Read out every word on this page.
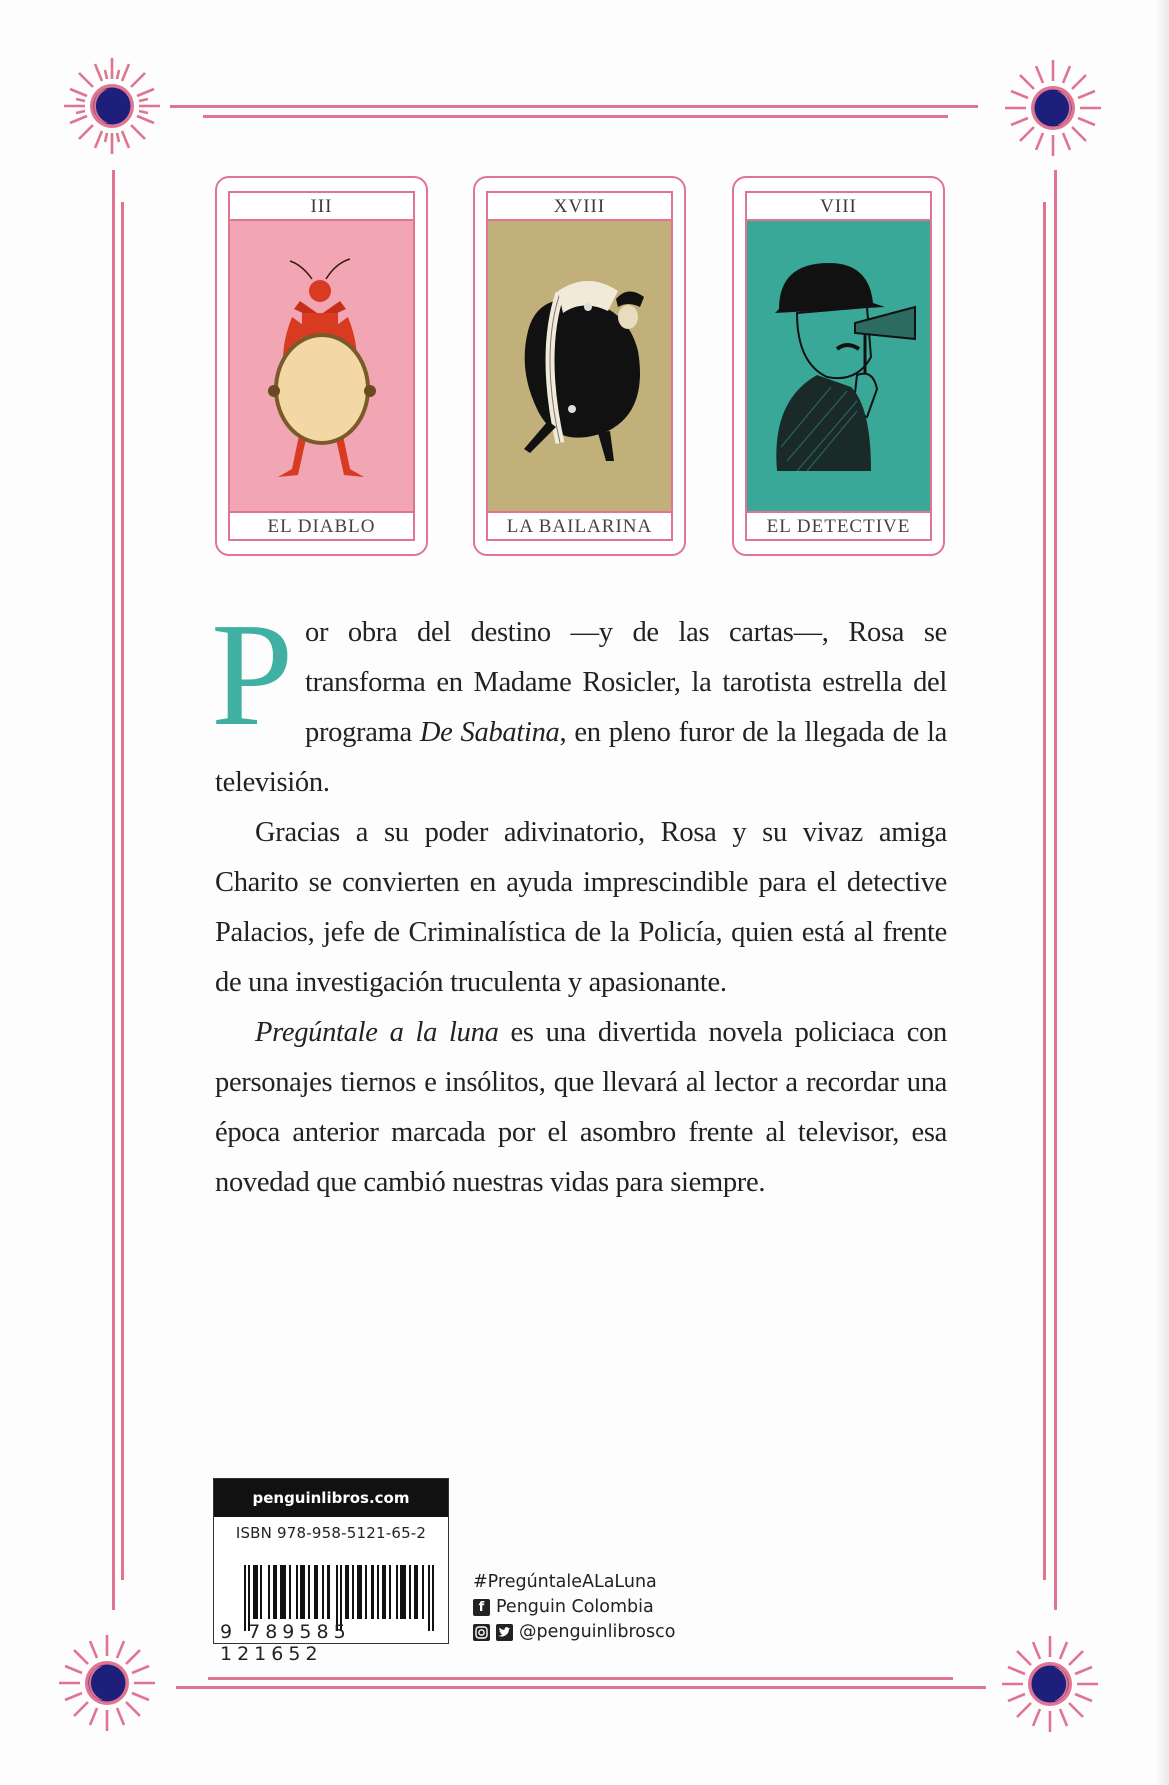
III
EL DIABLO
XVIII
LA BAILARINA
VIII
EL DETECTIVE

Por obra del destino —y de las cartas—, Rosa se transforma en Madame Rosicler, la tarotista estrella del programa De Sabatina, en pleno furor de la llegada de la televisión.

Gracias a su poder adivinatorio, Rosa y su vivaz amiga Charito se convierten en ayuda imprescindible para el detective Palacios, jefe de Criminalística de la Policía, quien está al frente de una investigación truculenta y apasionante.

Pregúntale a la luna es una divertida novela policiaca con personajes tiernos e insólitos, que llevará al lector a recordar una época anterior marcada por el asombro frente al televisor, esa novedad que cambió nuestras vidas para siempre.

penguinlibros.com
ISBN 978-958-5121-65-2
9 789585 121652
#PregúntaleALaLuna
f Penguin Colombia
@penguinlibrosco
